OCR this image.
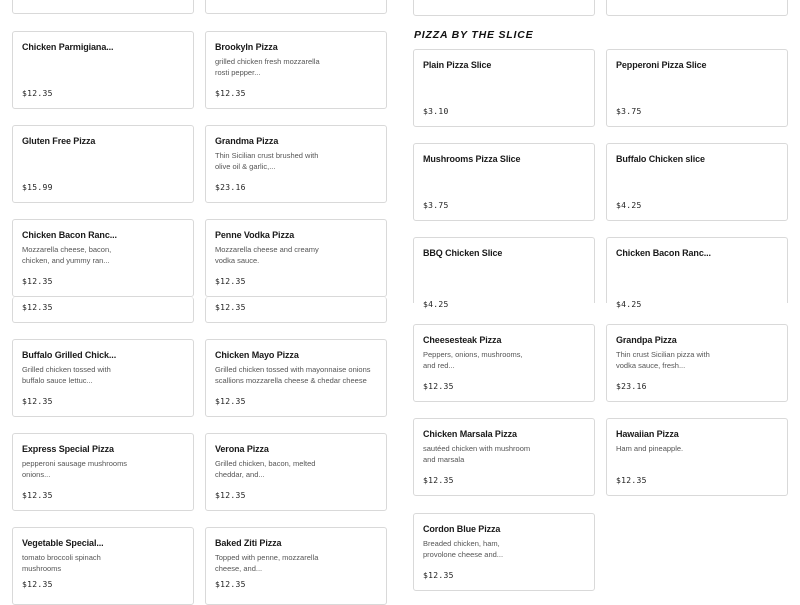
Chicken Parmigiana...
$12.35
Gluten Free Pizza
$15.99
Chicken Bacon Ranc...
Mozzarella cheese, bacon, chicken, and yummy ran...
$12.35
$12.35
Buffalo Grilled Chick...
Grilled chicken tossed with buffalo sauce lettuc...
$12.35
Express Special Pizza
pepperoni sausage mushrooms onions...
$12.35
Vegetable Special...
tomato broccoli spinach mushrooms
$12.35
Brookyln Pizza
grilled chicken fresh mozzarella rosti pepper...
$12.35
Grandma Pizza
Thin Sicilian crust brushed with olive oil & garlic,...
$23.16
Penne Vodka Pizza
Mozzarella cheese and creamy vodka sauce.
$12.35
$12.35
Chicken Mayo Pizza
Grilled chicken tossed with mayonnaise onions scallions mozzarella cheese & chedar cheese
$12.35
Verona Pizza
Grilled chicken, bacon, melted cheddar, and...
$12.35
Baked Ziti Pizza
Topped with penne, mozzarella cheese, and...
$12.35
PIZZA BY THE SLICE
Plain Pizza Slice
$3.10
Pepperoni Pizza Slice
$3.75
Mushrooms Pizza Slice
$3.75
Buffalo Chicken slice
$4.25
BBQ Chicken Slice
$4.25
Chicken Bacon Ranc...
$4.25
Cheesesteak Pizza
Peppers, onions, mushrooms, and red...
$12.35
Grandpa Pizza
Thin crust Sicilian pizza with vodka sauce, fresh...
$23.16
Chicken Marsala Pizza
sautéed chicken with mushroom and marsala
$12.35
Hawaiian Pizza
Ham and pineapple.
$12.35
Cordon Blue Pizza
Breaded chicken, ham, provolone cheese and...
$12.35
